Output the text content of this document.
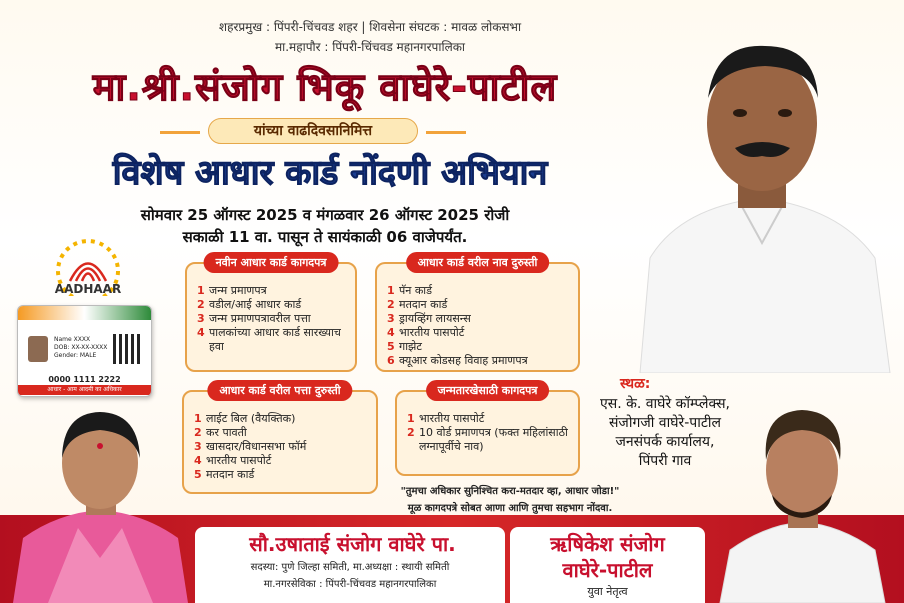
शहरप्रमुख : पिंपरी-चिंचवड शहर | शिवसेना संघटक : मावळ लोकसभा
मा.महापौर : पिंपरी-चिंचवड महानगरपालिका
मा.श्री.संजोग भिकू वाघेरे-पाटील
यांच्या वाढदिवसानिमित्त
विशेष आधार कार्ड नोंदणी अभियान
सोमवार 25 ऑगस्ट 2025 व मंगळवार 26 ऑगस्ट 2025 रोजी
सकाळी 11 वा. पासून ते सायंकाळी 06 वाजेपर्यंत.
AADHAAR
Name XXXX
DOB: XX-XX-XXXX
Gender: MALE
0000 1111 2222
आधार - आम आदमी का अधिकार
नवीन आधार कार्ड कागदपत्र
1 जन्म प्रमाणपत्र
2 वडील/आई आधार कार्ड
3 जन्म प्रमाणपत्रावरील पत्ता
4 पालकांच्या आधार कार्ड सारख्याच हवा
आधार कार्ड वरील नाव दुरुस्ती
1 पॅन कार्ड
2 मतदान कार्ड
3 ड्रायव्हिंग लायसन्स
4 भारतीय पासपोर्ट
5 गाझेट
6 क्यूआर कोडसह विवाह प्रमाणपत्र
आधार कार्ड वरील पत्ता दुरुस्ती
1 लाईट बिल (वैयक्तिक)
2 कर पावती
3 खासदार/विधानसभा फॉर्म
4 भारतीय पासपोर्ट
5 मतदान कार्ड
जन्मतारखेसाठी कागदपत्र
1 भारतीय पासपोर्ट
2 10 वोर्ड प्रमाणपत्र (फक्त महिलांसाठी लग्नापूर्वीचे नाव)
"तुमचा अधिकार सुनिश्चित करा-मतदार व्हा, आधार जोडा!"
मूळ कागदपत्रे सोबत आणा आणि तुमचा सहभाग नोंदवा.
स्थळ:
एस. के. वाघेरे कॉम्प्लेक्स,
संजोगजी वाघेरे-पाटील
जनसंपर्क कार्यालय,
पिंपरी गाव
सौ.उषाताई संजोग वाघेरे पा.
सदस्या: पुणे जिल्हा समिती, मा.अध्यक्षा : स्थायी समिती
मा.नगरसेविका : पिंपरी-चिंचवड महानगरपालिका
ऋषिकेश संजोग
वाघेरे-पाटील
युवा नेतृत्व
